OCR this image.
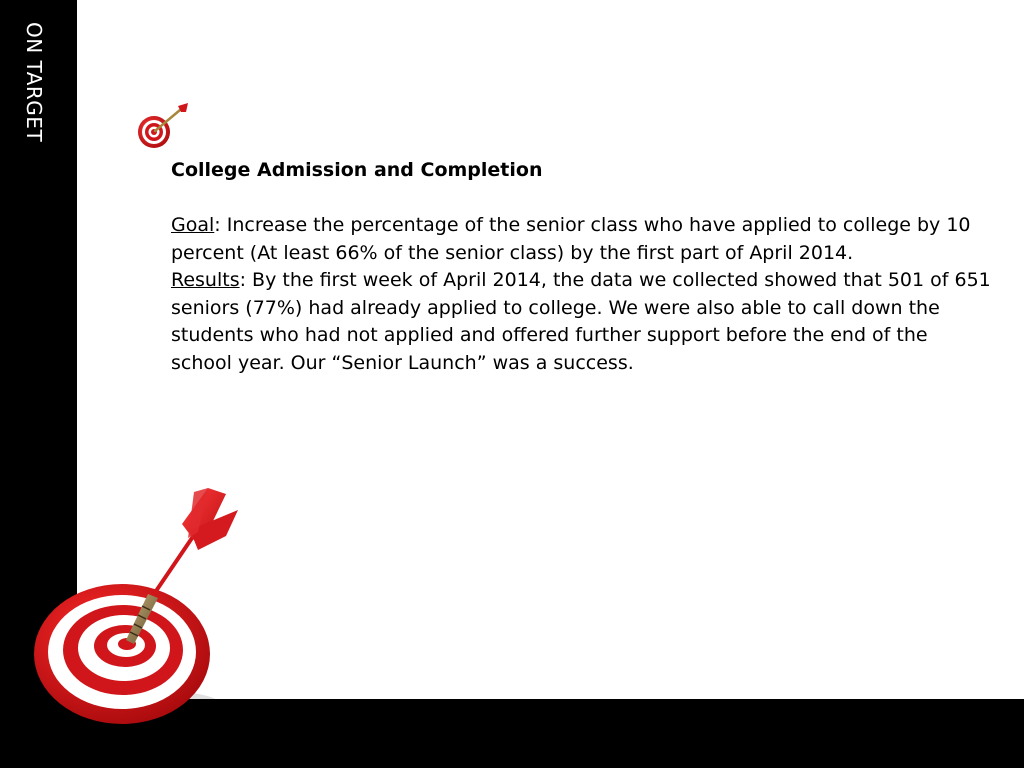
ON TARGET

College Admission and Completion

Goal: Increase the percentage of the senior class who have applied to college by 10 percent (At least 66% of the senior class) by the first part of April 2014.

Results: By the first week of April 2014, the data we collected showed that 501 of 651 seniors (77%) had already applied to college. We were also able to call down the students who had not applied and offered further support before the end of the school year. Our “Senior Launch” was a success.
